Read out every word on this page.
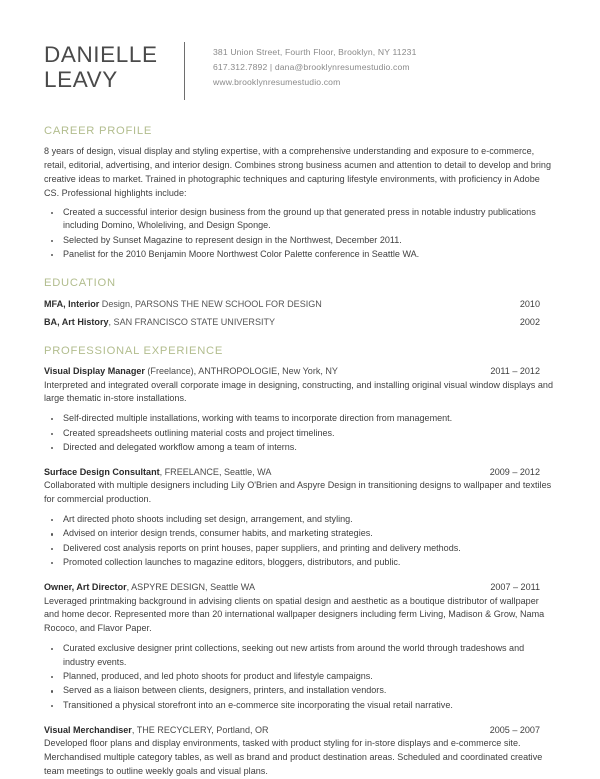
DANIELLE
LEAVY
381 Union Street, Fourth Floor, Brooklyn, NY 11231
617.312.7892 | dana@brooklynresumestudio.com
www.brooklynresumestudio.com
CAREER PROFILE

8 years of design, visual display and styling expertise, with a comprehensive understanding and exposure to e-commerce, retail, editorial, advertising, and interior design. Combines strong business acumen and attention to detail to develop and bring creative ideas to market. Trained in photographic techniques and capturing lifestyle environments, with proficiency in Adobe CS. Professional highlights include:

Created a successful interior design business from the ground up that generated press in notable industry publications including Domino, Wholeliving, and Design Sponge.
Selected by Sunset Magazine to represent design in the Northwest, December 2011.
Panelist for the 2010 Benjamin Moore Northwest Color Palette conference in Seattle WA.
EDUCATION
MFA, Interior Design, PARSONS THE NEW SCHOOL FOR DESIGN	2010
BA, Art History, SAN FRANCISCO STATE UNIVERSITY	2002
PROFESSIONAL EXPERIENCE
Visual Display Manager (Freelance), ANTHROPOLOGIE, New York, NY	2011 – 2012

Interpreted and integrated overall corporate image in designing, constructing, and installing original visual window displays and large thematic in-store installations.

Self-directed multiple installations, working with teams to incorporate direction from management.
Created spreadsheets outlining material costs and project timelines.
Directed and delegated workflow among a team of interns.
Surface Design Consultant, FREELANCE, Seattle, WA	2009 – 2012

Collaborated with multiple designers including Lily O'Brien and Aspyre Design in transitioning designs to wallpaper and textiles for commercial production.

Art directed photo shoots including set design, arrangement, and styling.
Advised on interior design trends, consumer habits, and marketing strategies.
Delivered cost analysis reports on print houses, paper suppliers, and printing and delivery methods.
Promoted collection launches to magazine editors, bloggers, distributors, and public.
Owner, Art Director, ASPYRE DESIGN, Seattle WA	2007 – 2011

Leveraged printmaking background in advising clients on spatial design and aesthetic as a boutique distributor of wallpaper and home decor. Represented more than 20 international wallpaper designers including ferm Living, Madison & Grow, Nama Rococo, and Flavor Paper.

Curated exclusive designer print collections, seeking out new artists from around the world through tradeshows and industry events.
Planned, produced, and led photo shoots for product and lifestyle campaigns.
Served as a liaison between clients, designers, printers, and installation vendors.
Transitioned a physical storefront into an e-commerce site incorporating the visual retail narrative.
Visual Merchandiser, THE RECYCLERY, Portland, OR	2005 – 2007

Developed floor plans and display environments, tasked with product styling for in-store displays and e-commerce site. Merchandised multiple category tables, as well as brand and product destination areas. Scheduled and coordinated creative team meetings to outline weekly goals and visual plans.
